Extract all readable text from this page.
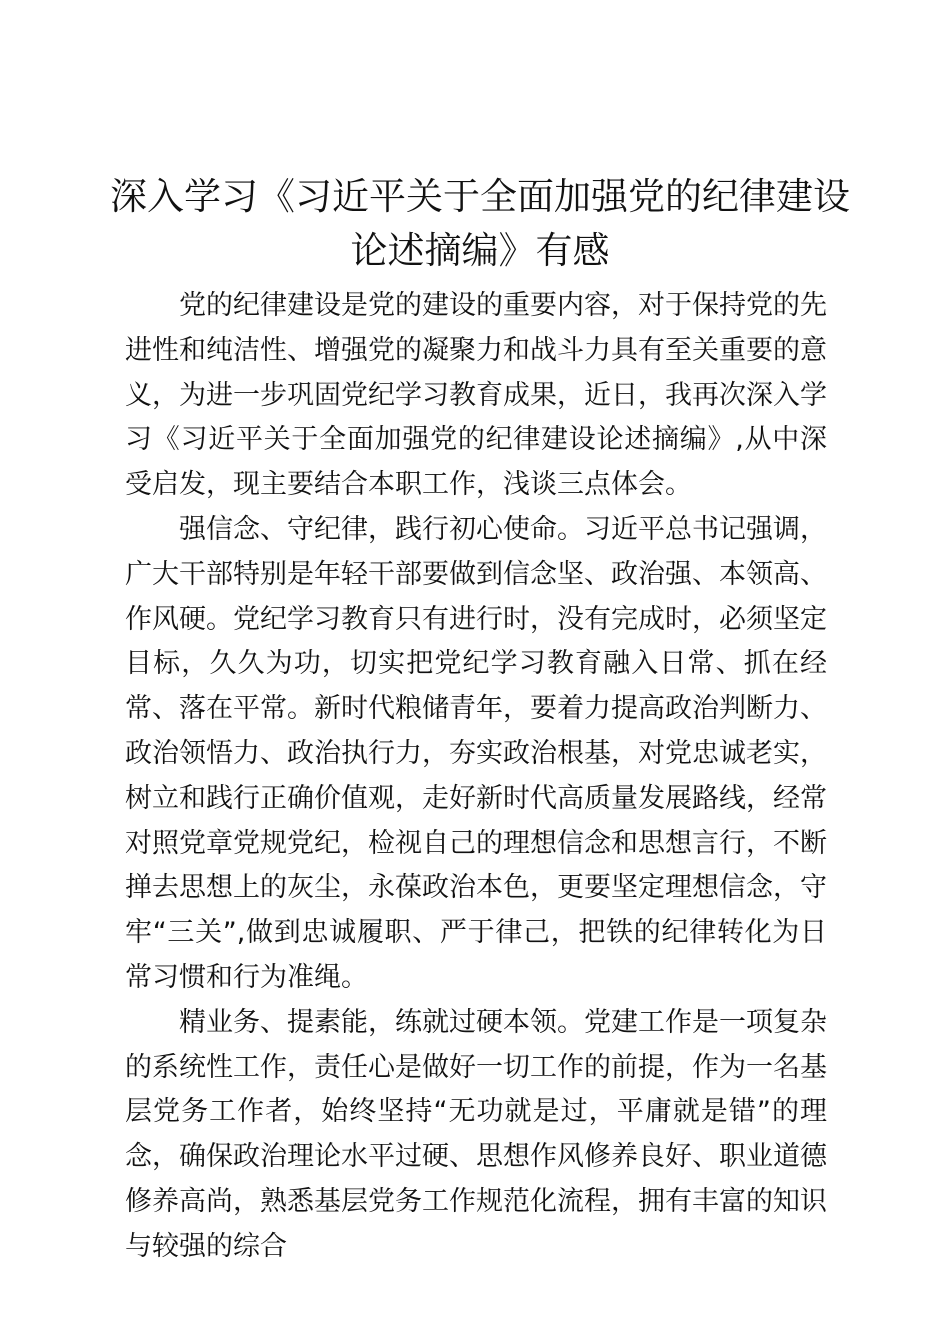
深入学习《习近平关于全面加强党的纪律建设论述摘编》有感

党的纪律建设是党的建设的重要内容，对于保持党的先进性和纯洁性、增强党的凝聚力和战斗力具有至关重要的意义，为进一步巩固党纪学习教育成果，近日，我再次深入学习《习近平关于全面加强党的纪律建设论述摘编》,从中深受启发，现主要结合本职工作，浅谈三点体会。

强信念、守纪律，践行初心使命。习近平总书记强调，广大干部特别是年轻干部要做到信念坚、政治强、本领高、作风硬。党纪学习教育只有进行时，没有完成时，必须坚定目标，久久为功，切实把党纪学习教育融入日常、抓在经常、落在平常。新时代粮储青年，要着力提高政治判断力、政治领悟力、政治执行力，夯实政治根基，对党忠诚老实，树立和践行正确价值观，走好新时代高质量发展路线，经常对照党章党规党纪，检视自己的理想信念和思想言行，不断掸去思想上的灰尘，永葆政治本色，更要坚定理想信念，守牢“三关”,做到忠诚履职、严于律己，把铁的纪律转化为日常习惯和行为准绳。

精业务、提素能，练就过硬本领。党建工作是一项复杂的系统性工作，责任心是做好一切工作的前提，作为一名基层党务工作者，始终坚持“无功就是过，平庸就是错”的理念，确保政治理论水平过硬、思想作风修养良好、职业道德修养高尚，熟悉基层党务工作规范化流程，拥有丰富的知识与较强的综合
